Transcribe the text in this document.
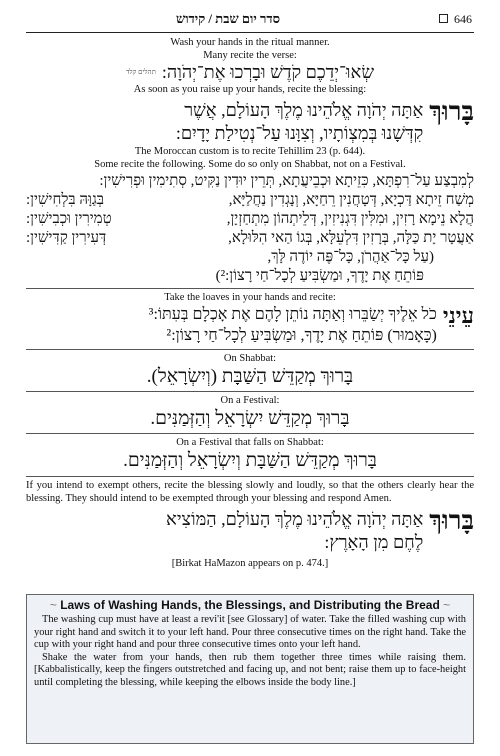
סדר יום שבת / קידוש	646
Wash your hands in the ritual manner.
Many recite the verse:
שְׂאוּ־יְדֵכֶם קֹדֶשׁ וּבָרְכוּ אֶת־יְהֹוָה:
תהלים קלד
As soon as you raise up your hands, recite the blessing:
בָּרוּךְ
אַתָּה יְהֹוָה אֱלֹהֵינוּ מֶלֶךְ הָעוֹלָם, אֲשֶׁר
קִדְּשָׁנוּ בְּמִצְוֹתָיו, וְצִוָּנוּ עַל־נְטִילַת יָדָיִם:
The Moroccan custom is to recite Tehillim 23 (p. 644).
Some recite the following. Some do so only on Shabbat, not on a Festival.
לְמִבְצַע עַל־רִפְתָּא, כִּזֵיתָא וּכְבֵיעֲתָא, תְּרֵין יוּדִין נַקִּיט, סְתִימִין וּפְרִישִׁין:
מְשַׁח זֵיתָא דַּכְיָא, דְּטָחֲנִין רֵחַיָּא, וְנָגְדִין נַחֲלַיָּא,
בְּגַוָּהּ בִּלְחִישִׁין:
הֲלָא נֵימָא רָזִין, וּמִלִּין דִּגְנִיזִין, דְּלֵיתְהוֹן מִתְחַזְיָן,
טְמִירִין וּכְבִישִׁין:
אַעֲטָר יָת כַּלָּה, בְּרָזִין דִּלְעֵלָּא, בְּגוֹ הַאי הִלּוּלָא,
דְּעִירִין קַדִּישִׁין:
(עַל כָּל־אַהֲרֹן, כָּל־פֶּה יוֹדֶה לָּךְ,
פּוֹתֵחַ אֶת יָדֶךָ, וּמַשְׂבִּיעַ לְכָל־חַי רָצוֹן:²)
Take the loaves in your hands and recite:
עֵינֵי
כֹל אֵלֶיךָ יְשַׂבֵּרוּ וְאַתָּה נוֹתֵן לָהֶם אֶת אָכְלָם בְּעִתּוֹ:³
(כָּאָמוּר) פּוֹתֵחַ אֶת יָדֶךָ, וּמַשְׂבִּיעַ לְכָל־חַי רָצוֹן:²
On Shabbat:
בָּרוּךְ מְקַדֵּשׁ הַשַּׁבָּת (וְיִשְׂרָאֵל).
On a Festival:
בָּרוּךְ מְקַדֵּשׁ יִשְׂרָאֵל וְהַזְּמַנִּים.
On a Festival that falls on Shabbat:
בָּרוּךְ מְקַדֵּשׁ הַשַּׁבָּת וְיִשְׂרָאֵל וְהַזְּמַנִּים.
If you intend to exempt others, recite the blessing slowly and loudly, so that the others clearly hear the blessing. They should intend to be exempted through your blessing and respond Amen.
בָּרוּךְ
אַתָּה יְהֹוָה אֱלֹהֵינוּ מֶלֶךְ הָעוֹלָם, הַמּוֹצִיא
לֶחֶם מִן הָאָרֶץ:
[Birkat HaMazon appears on p. 474.]
~ Laws of Washing Hands, the Blessings, and Distributing the Bread ~

The washing cup must have at least a revi'it [see Glossary] of water. Take the filled washing cup with your right hand and switch it to your left hand. Pour three consecutive times on the right hand. Take the cup with your right hand and pour three consecutive times onto your left hand.

Shake the water from your hands, then rub them together three times while raising them. [Kabbalistically, keep the fingers outstretched and facing up, and not bent; raise them up to face-height until completing the blessing, while keeping the elbows inside the body line.]
